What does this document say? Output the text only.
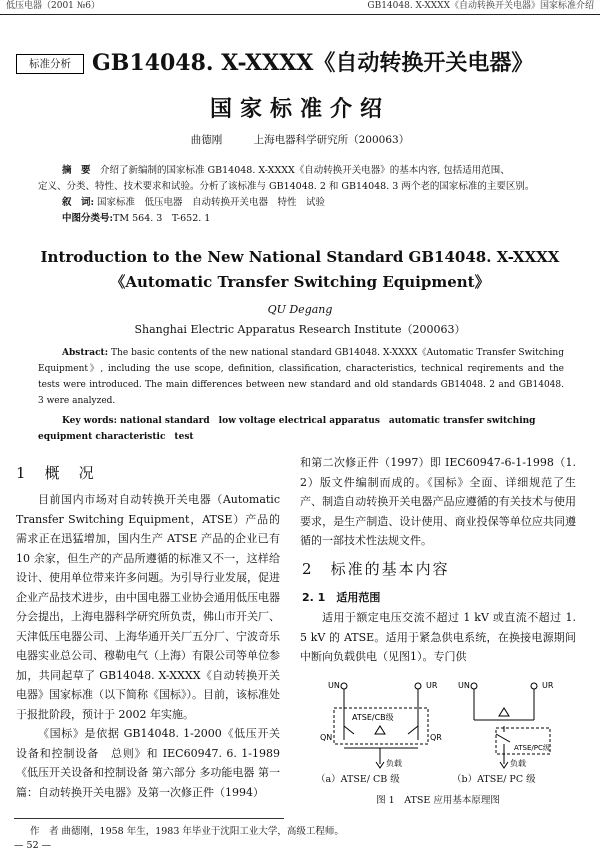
低压电器（2001 №6）	GB14048. X-XXXX《自动转换开关电器》国家标准介绍
标准分析 GB14048. X-XXXX《自动转换开关电器》
国家标准介绍
曲德刚	上海电器科学研究所（200063）
摘　要　 介绍了新编制的国家标准 GB14048. X-XXXX《自动转换开关电器》的基本内容, 包括适用范围、
定义、分类、特性、技术要求和试验。分析了该标准与 GB14048. 2 和 GB14048. 3 两个老的国家标准的主要区别。
叙　词: 国家标准　低压电器　自动转换开关电器　特性　试验
中图分类号:TM 564. 3　T-652. 1
Introduction to the New National Standard GB14048. X-XXXX
《Automatic Transfer Switching Equipment》
QU Degang
Shanghai Electric Apparatus Research Institute（200063）
Abstract: The basic contents of the new national standard GB14048. X-XXXX《Automatic Transfer Switching Equipment》, including the use scope, definition, classification, characteristics, technical reqirements and the tests were introduced. The main differences between new standard and old standards GB14048. 2 and GB14048. 3 were analyzed.
Key words: national standard　low voltage electrical apparatus　automatic transfer switching equipment characteristic　test
1　 概　况

目前国内市场对自动转换开关电器（Automatic Transfer Switching Equipment，ATSE）产品的需求正在迅猛增加，国内生产 ATSE 产品的企业已有 10 余家，但生产的产品所遵循的标准又不一，这样给设计、使用单位带来许多问题。为引导行业发展，促进企业产品技术进步，由中国电器工业协会通用低压电器分会提出，上海电器科学研究所负责，佛山市开关厂、天津低压电器公司、上海华通开关厂五分厂、宁波奇乐电器实业总公司、穆勒电气（上海）有限公司等单位参加，共同起草了 GB14048. X-XXXX《自动转换开关电器》国家标准（以下简称《国标》）。目前，该标准处于报批阶段，预计于 2002 年实施。

《国标》是依据 GB14048. 1-2000《低压开关设备和控制设备　总则》和 IEC60947. 6. 1-1989《低压开关设备和控制设备 第六部分 多功能电器 第一篇：自动转换开关电器》及第一次修正件（1994）

和第二次修正件（1997）即 IEC60947-6-1-1998（1. 2）版文件编制而成的。《国标》全面、详细规范了生产、制造自动转换开关电器产品应遵循的有关技术与使用要求，是生产制造、设计使用、商业投保等单位应共同遵循的一部技术性法规文件。

2　 标准的基本内容
2. 1　 适用范围

适用于额定电压交流不超过 1 kV 或直流不超过 1. 5 kV 的 ATSE。适用于紧急供电系统，在换接电源期间中断向负载供电（见图1）。专门供

UN	UR
ATSE/CB级
QN	QR
负载
UN	UR
ATSE/PC级
负载
（a）ATSE/ CB 级	（b）ATSE/ PC 级
图 1　ATSE 应用基本原理图
作　者 曲德刚，1958 年生，1983 年毕业于沈阳工业大学，高级工程师。
— 52 —
